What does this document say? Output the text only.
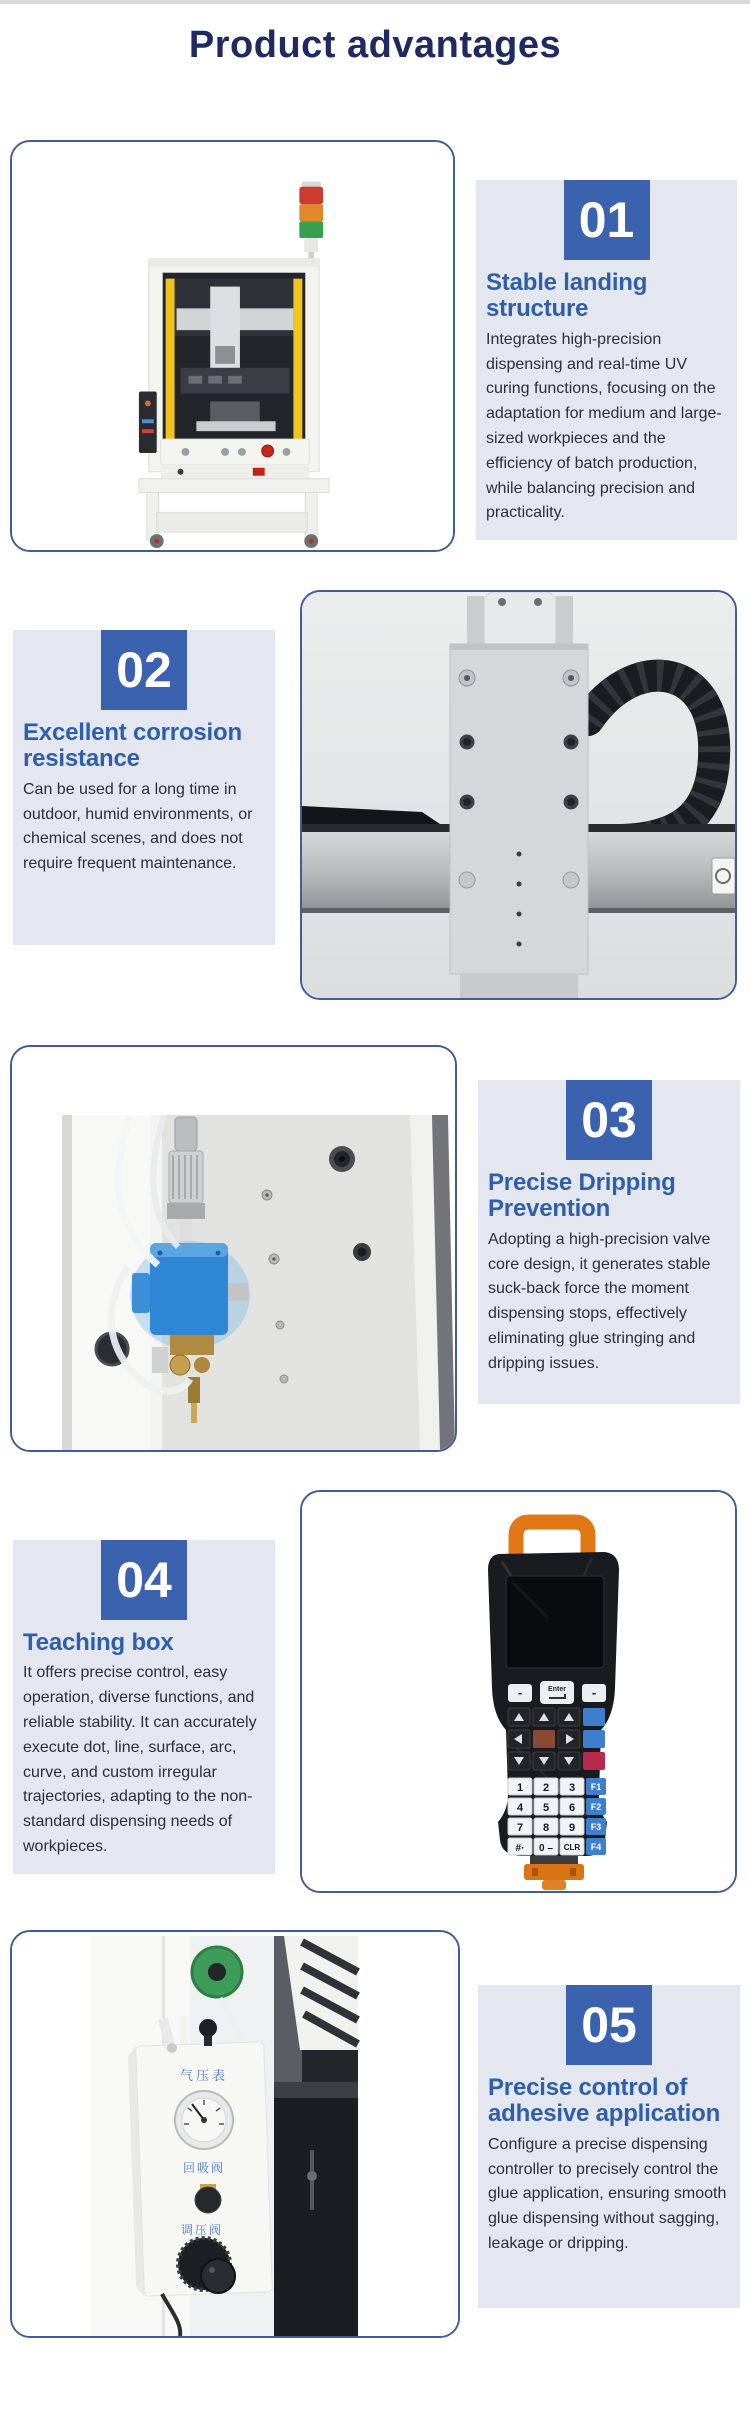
Product advantages
01
Stable landing structure

Integrates high-precision dispensing and real-time UV curing functions, focusing on the adaptation for medium and large-sized workpieces and the efficiency of batch production, while balancing precision and practicality.

02
Excellent corrosion resistance

Can be used for a long time in outdoor, humid environments, or chemical scenes, and does not require frequent maintenance.

03
Precise Dripping Prevention

Adopting a high-precision valve core design, it generates stable suck-back force the moment dispensing stops, effectively eliminating glue stringing and dripping issues.

04
Teaching box

It offers precise control, easy operation, diverse functions, and reliable stability. It can accurately execute dot, line, surface, arc, curve, and custom irregular trajectories, adapting to the non-standard dispensing needs of workpieces.

-	Enter -
1 2 3
4 5 6
7 8 9
#· 0 – CLR
F1
F2
F3
F4
气压表
回吸阀
调压阀
05
Precise control of adhesive application

Configure a precise dispensing controller to precisely control the glue application, ensuring smooth glue dispensing without sagging, leakage or dripping.
